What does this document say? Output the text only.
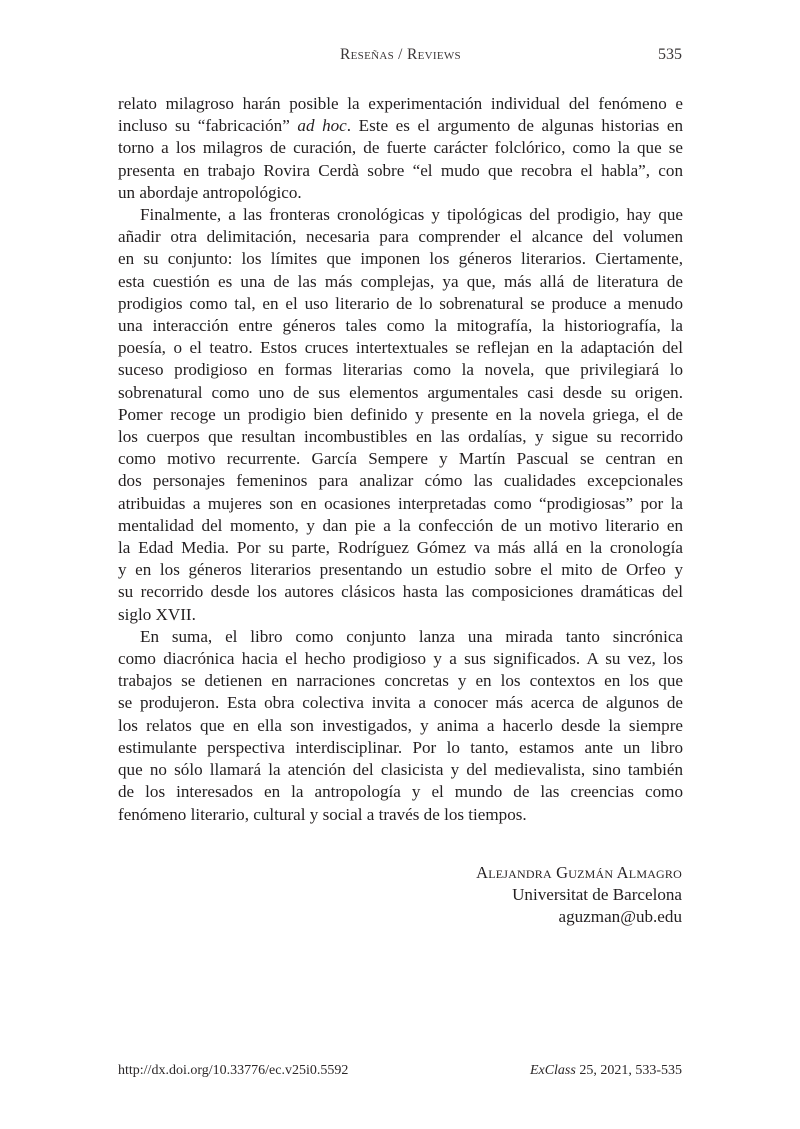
Reseñas / Reviews	535

relato milagroso harán posible la experimentación individual del fenómeno e
incluso su “fabricación” ad hoc. Este es el argumento de algunas historias en
torno a los milagros de curación, de fuerte carácter folclórico, como la que se
presenta en trabajo Rovira Cerdà sobre “el mudo que recobra el habla”, con
un abordaje antropológico.

Finalmente, a las fronteras cronológicas y tipológicas del prodigio, hay que
añadir otra delimitación, necesaria para comprender el alcance del volumen
en su conjunto: los límites que imponen los géneros literarios. Ciertamente,
esta cuestión es una de las más complejas, ya que, más allá de literatura de
prodigios como tal, en el uso literario de lo sobrenatural se produce a menudo
una interacción entre géneros tales como la mitografía, la historiografía, la
poesía, o el teatro. Estos cruces intertextuales se reflejan en la adaptación del
suceso prodigioso en formas literarias como la novela, que privilegiará lo
sobrenatural como uno de sus elementos argumentales casi desde su origen.
Pomer recoge un prodigio bien definido y presente en la novela griega, el de
los cuerpos que resultan incombustibles en las ordalías, y sigue su recorrido
como motivo recurrente. García Sempere y Martín Pascual se centran en
dos personajes femeninos para analizar cómo las cualidades excepcionales
atribuidas a mujeres son en ocasiones interpretadas como “prodigiosas” por la
mentalidad del momento, y dan pie a la confección de un motivo literario en
la Edad Media. Por su parte, Rodríguez Gómez va más allá en la cronología
y en los géneros literarios presentando un estudio sobre el mito de Orfeo y
su recorrido desde los autores clásicos hasta las composiciones dramáticas del
siglo XVII.

En suma, el libro como conjunto lanza una mirada tanto sincrónica
como diacrónica hacia el hecho prodigioso y a sus significados. A su vez, los
trabajos se detienen en narraciones concretas y en los contextos en los que
se produjeron. Esta obra colectiva invita a conocer más acerca de algunos de
los relatos que en ella son investigados, y anima a hacerlo desde la siempre
estimulante perspectiva interdisciplinar. Por lo tanto, estamos ante un libro
que no sólo llamará la atención del clasicista y del medievalista, sino también
de los interesados en la antropología y el mundo de las creencias como
fenómeno literario, cultural y social a través de los tiempos.

Alejandra Guzmán Almagro
Universitat de Barcelona
aguzman@ub.edu
http://dx.doi.org/10.33776/ec.v25i0.5592	ExClass 25, 2021, 533-535
